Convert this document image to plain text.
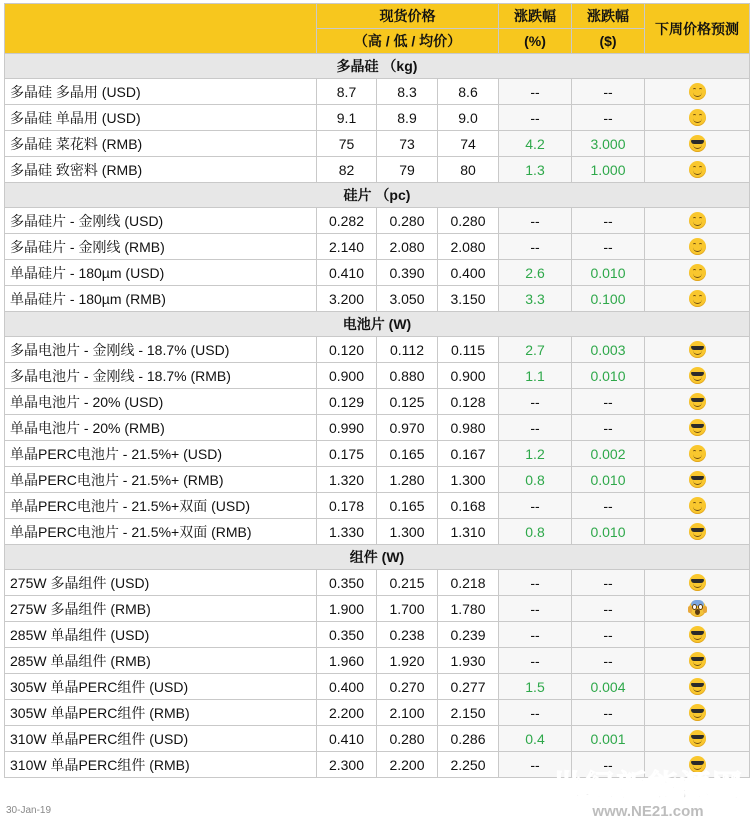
	现货价格			涨跌幅	涨跌幅	下周价格预测
	（高 / 低 / 均价）			(%)	($)	
多晶硅 （kg)						
多晶硅 多晶用 (USD)	8.7	8.3	8.6	--	--	

多晶硅 单晶用 (USD)	9.1	8.9	9.0	--	--	

多晶硅 菜花料 (RMB)	75	73	74	4.2	3.000	

多晶硅 致密料 (RMB)	82	79	80	1.3	1.000	

硅片 （pc)						
多晶硅片 - 金刚线 (USD)	0.282	0.280	0.280	--	--	

多晶硅片 - 金刚线 (RMB)	2.140	2.080	2.080	--	--	

单晶硅片 - 180µm (USD)	0.410	0.390	0.400	2.6	0.010	

单晶硅片 - 180µm (RMB)	3.200	3.050	3.150	3.3	0.100	

电池片 (W)						
多晶电池片 - 金刚线 - 18.7% (USD)	0.120	0.112	0.115	2.7	0.003	

多晶电池片 - 金刚线 - 18.7% (RMB)	0.900	0.880	0.900	1.1	0.010	

单晶电池片 - 20% (USD)	0.129	0.125	0.128	--	--	

单晶电池片 - 20% (RMB)	0.990	0.970	0.980	--	--	

单晶PERC电池片 - 21.5%+ (USD)	0.175	0.165	0.167	1.2	0.002	

单晶PERC电池片 - 21.5%+ (RMB)	1.320	1.280	1.300	0.8	0.010	

单晶PERC电池片 - 21.5%+双面 (USD)	0.178	0.165	0.168	--	--	

单晶PERC电池片 - 21.5%+双面 (RMB)	1.330	1.300	1.310	0.8	0.010	

组件 (W)						
275W 多晶组件 (USD)	0.350	0.215	0.218	--	--	

275W 多晶组件 (RMB)	1.900	1.700	1.780	--	--	

285W 单晶组件 (USD)	0.350	0.238	0.239	--	--	

285W 单晶组件 (RMB)	1.960	1.920	1.930	--	--	

305W 单晶PERC组件 (USD)	0.400	0.270	0.277	1.5	0.004	

305W 单晶PERC组件 (RMB)	2.200	2.100	2.150	--	--	

310W 单晶PERC组件 (USD)	0.410	0.280	0.286	0.4	0.001	

310W 单晶PERC组件 (RMB)	2.300	2.200	2.250	--	--	
30-Jan-19
世纪新能源网
www.NE21.com
